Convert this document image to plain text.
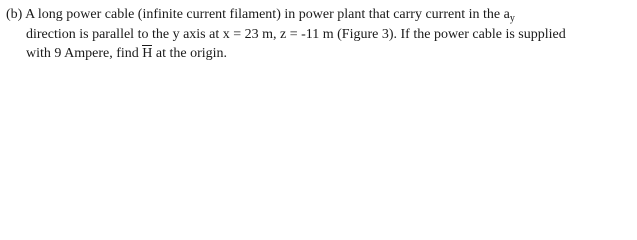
(b) A long power cable (infinite current filament) in power plant that carry current in the $a_y$
direction is parallel to the y axis at x = 23 m, z = -11 m (Figure 3). If the power cable is supplied
with 9 Ampere, find H at the origin.
